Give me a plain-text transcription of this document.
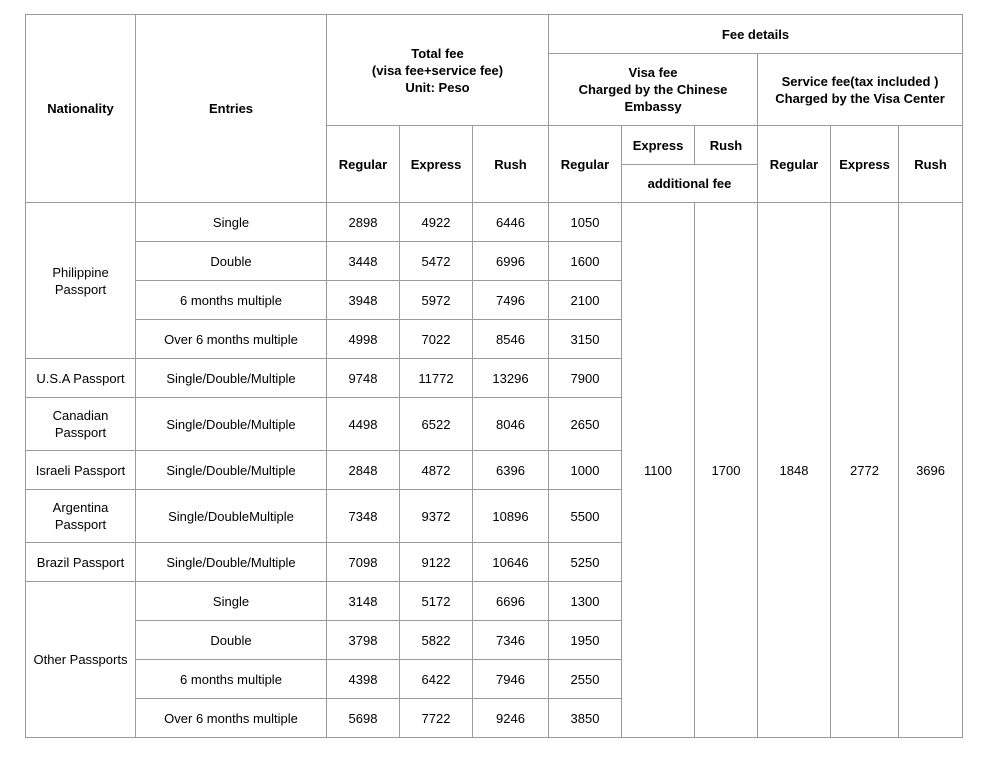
Nationality	Entries	Total fee
(visa fee+service fee)
Unit: Peso			Fee details					
					Visa fee
Charged by the Chinese
Embassy			Service fee(tax included )
Charged by the Visa Center		
		Regular	Express	Rush	Regular	Express	Rush	Regular	Express	Rush
						additional fee				
Philippine
Passport	Single	2898	4922	6446	1050	1100	1700	1848	2772	3696
	Double	3448	5472	6996	1600					
	6 months multiple	3948	5972	7496	2100					
	Over 6 months multiple	4998	7022	8546	3150					
U.S.A Passport	Single/Double/Multiple	9748	11772	13296	7900					
Canadian
Passport	Single/Double/Multiple	4498	6522	8046	2650					
Israeli Passport	Single/Double/Multiple	2848	4872	6396	1000					
Argentina
Passport	Single/DoubleMultiple	7348	9372	10896	5500					
Brazil Passport	Single/Double/Multiple	7098	9122	10646	5250					
Other Passports	Single	3148	5172	6696	1300					
	Double	3798	5822	7346	1950					
	6 months multiple	4398	6422	7946	2550					
	Over 6 months multiple	5698	7722	9246	3850					
